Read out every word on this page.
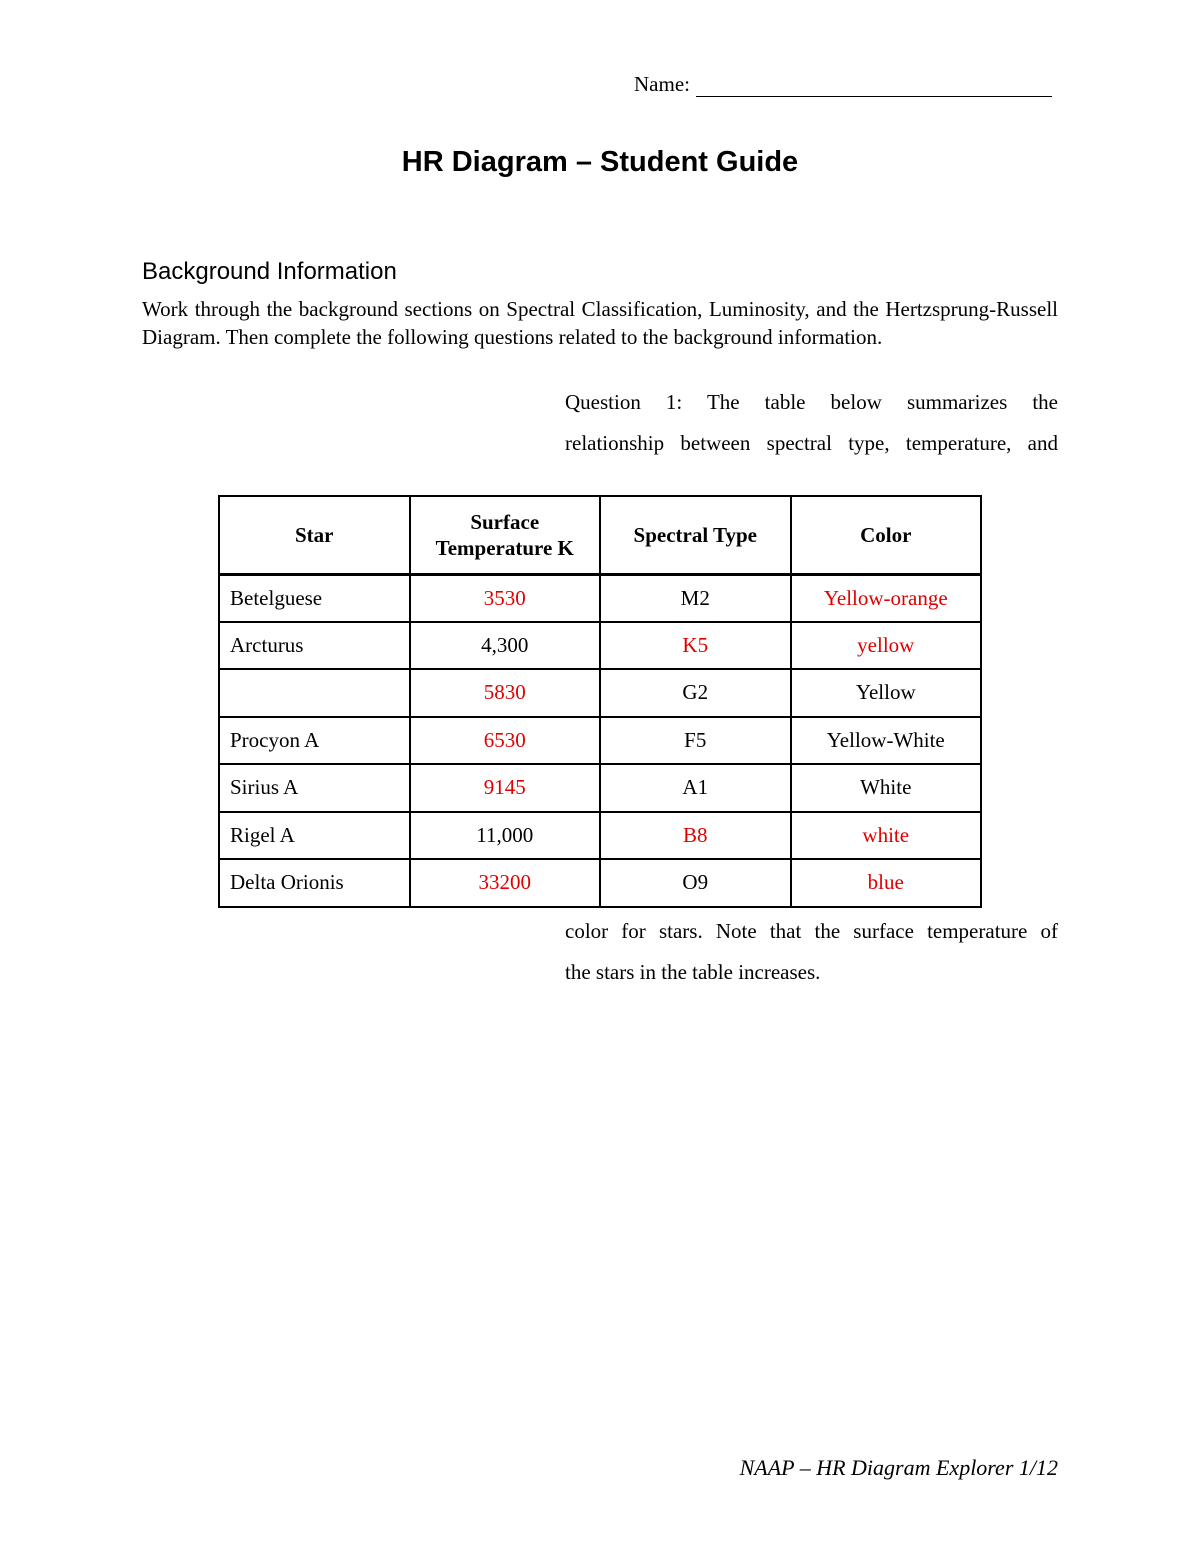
Name:
HR Diagram – Student Guide
Background Information
Work through the background sections on Spectral Classification, Luminosity, and the Hertzsprung-Russell Diagram. Then complete the following questions related to the background information.
Question 1: The table below summarizes the
relationship between spectral type, temperature, and
Star	Surface Temperature K	Spectral Type	Color
Betelguese	3530	M2	Yellow-orange
Arcturus	4,300	K5	yellow
	5830	G2	Yellow
Procyon A	6530	F5	Yellow-White
Sirius A	9145	A1	White
Rigel A	11,000	B8	white
Delta Orionis	33200	O9	blue
color for stars. Note that the surface temperature of
the stars in the table increases.
NAAP – HR Diagram Explorer 1/12
